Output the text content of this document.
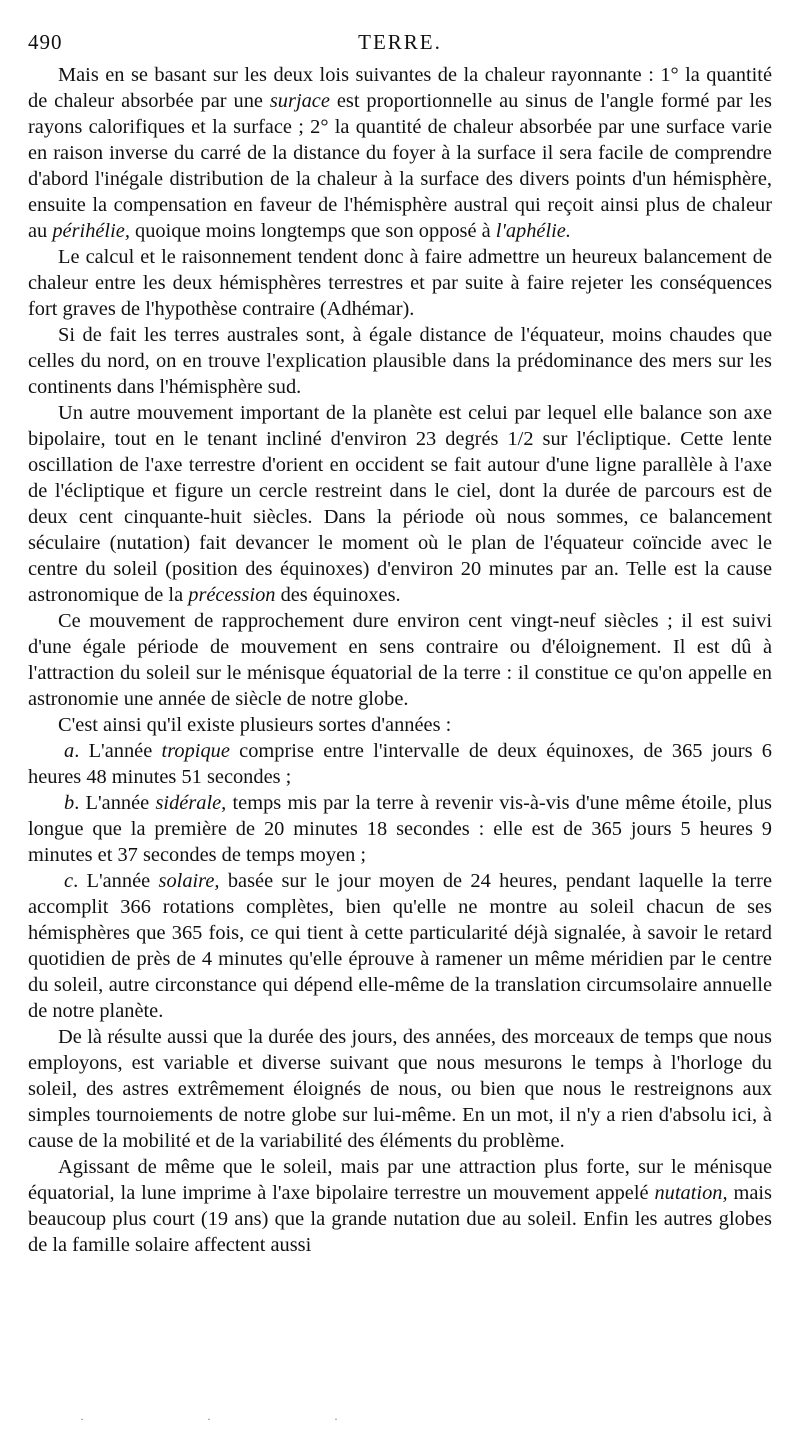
490	TERRE.

Mais en se basant sur les deux lois suivantes de la chaleur rayonnante : 1° la quantité de chaleur absorbée par une surjace est proportionnelle au sinus de l'angle formé par les rayons calorifiques et la surface ; 2° la quantité de chaleur absorbée par une surface varie en raison inverse du carré de la distance du foyer à la surface il sera facile de comprendre d'abord l'inégale distribution de la chaleur à la surface des divers points d'un hémisphère, ensuite la compensation en faveur de l'hémisphère austral qui reçoit ainsi plus de chaleur au périhélie, quoique moins longtemps que son opposé à l'aphélie.

Le calcul et le raisonnement tendent donc à faire admettre un heureux balancement de chaleur entre les deux hémisphères terrestres et par suite à faire rejeter les conséquences fort graves de l'hypothèse contraire (Adhémar).

Si de fait les terres australes sont, à égale distance de l'équateur, moins chaudes que celles du nord, on en trouve l'explication plausible dans la prédominance des mers sur les continents dans l'hémisphère sud.

Un autre mouvement important de la planète est celui par lequel elle balance son axe bipolaire, tout en le tenant incliné d'environ 23 degrés 1/2 sur l'écliptique. Cette lente oscillation de l'axe terrestre d'orient en occident se fait autour d'une ligne parallèle à l'axe de l'écliptique et figure un cercle restreint dans le ciel, dont la durée de parcours est de deux cent cinquante-huit siècles. Dans la période où nous sommes, ce balancement séculaire (nutation) fait devancer le moment où le plan de l'équateur coïncide avec le centre du soleil (position des équinoxes) d'environ 20 minutes par an. Telle est la cause astronomique de la précession des équinoxes.

Ce mouvement de rapprochement dure environ cent vingt-neuf siècles ; il est suivi d'une égale période de mouvement en sens contraire ou d'éloignement. Il est dû à l'attraction du soleil sur le ménisque équatorial de la terre : il constitue ce qu'on appelle en astronomie une année de siècle de notre globe.

C'est ainsi qu'il existe plusieurs sortes d'années :

a. L'année tropique comprise entre l'intervalle de deux équinoxes, de 365 jours 6 heures 48 minutes 51 secondes ;

b. L'année sidérale, temps mis par la terre à revenir vis-à-vis d'une même étoile, plus longue que la première de 20 minutes 18 secondes : elle est de 365 jours 5 heures 9 minutes et 37 secondes de temps moyen ;

c. L'année solaire, basée sur le jour moyen de 24 heures, pendant laquelle la terre accomplit 366 rotations complètes, bien qu'elle ne montre au soleil chacun de ses hémisphères que 365 fois, ce qui tient à cette particularité déjà signalée, à savoir le retard quotidien de près de 4 minutes qu'elle éprouve à ramener un même méridien par le centre du soleil, autre circonstance qui dépend elle-même de la translation circumsolaire annuelle de notre planète.

De là résulte aussi que la durée des jours, des années, des morceaux de temps que nous employons, est variable et diverse suivant que nous mesurons le temps à l'horloge du soleil, des astres extrêmement éloignés de nous, ou bien que nous le restreignons aux simples tournoiements de notre globe sur lui-même. En un mot, il n'y a rien d'absolu ici, à cause de la mobilité et de la variabilité des éléments du problème.

Agissant de même que le soleil, mais par une attraction plus forte, sur le ménisque équatorial, la lune imprime à l'axe bipolaire terrestre un mouvement appelé nutation, mais beaucoup plus court (19 ans) que la grande nutation due au soleil. Enfin les autres globes de la famille solaire affectent aussi

· · ·
